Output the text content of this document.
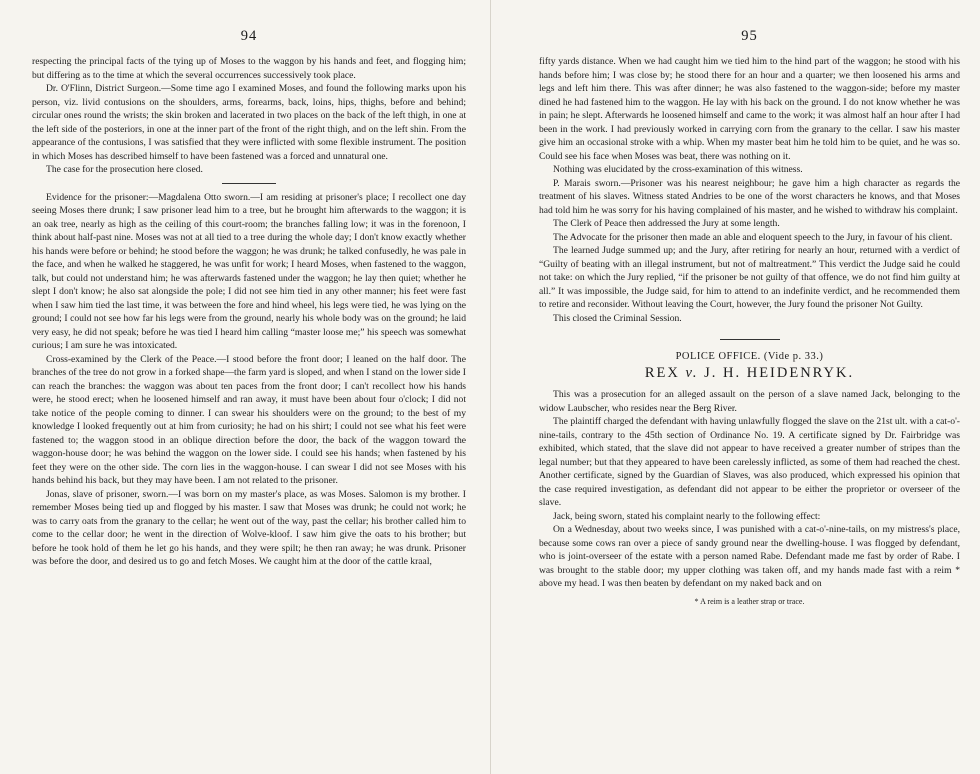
94

respecting the principal facts of the tying up of Moses to the waggon by his hands and feet, and flogging him; but differing as to the time at which the several occurrences successively took place.

Dr. O'Flinn, District Surgeon.—Some time ago I examined Moses, and found the following marks upon his person, viz. livid contusions on the shoulders, arms, forearms, back, loins, hips, thighs, before and behind; circular ones round the wrists; the skin broken and lacerated in two places on the back of the left thigh, in one at the left side of the posteriors, in one at the inner part of the front of the right thigh, and on the left shin. From the appearance of the contusions, I was satisfied that they were inflicted with some flexible instrument. The position in which Moses has described himself to have been fastened was a forced and unnatural one.

The case for the prosecution here closed.

Evidence for the prisoner:—Magdalena Otto sworn.—I am residing at prisoner's place; I recollect one day seeing Moses there drunk; I saw prisoner lead him to a tree, but he brought him afterwards to the waggon; it is an oak tree, nearly as high as the ceiling of this court-room; the branches falling low; it was in the forenoon, I think about half-past nine. Moses was not at all tied to a tree during the whole day; I don't know exactly whether his hands were before or behind; he stood before the waggon; he was drunk; he talked confusedly, he was pale in the face, and when he walked he staggered, he was unfit for work; I heard Moses, when fastened to the waggon, talk, but could not understand him; he was afterwards fastened under the waggon; he lay then quiet; whether he slept I don't know; he also sat alongside the pole; I did not see him tied in any other manner; his feet were fast when I saw him tied the last time, it was between the fore and hind wheel, his legs were tied, he was lying on the ground; I could not see how far his legs were from the ground, nearly his whole body was on the ground; he laid very easy, he did not speak; before he was tied I heard him calling “master loose me;” his speech was somewhat curious; I am sure he was intoxicated.

Cross-examined by the Clerk of the Peace.—I stood before the front door; I leaned on the half door. The branches of the tree do not grow in a forked shape—the farm yard is sloped, and when I stand on the lower side I can reach the branches: the waggon was about ten paces from the front door; I can't recollect how his hands were, he stood erect; when he loosened himself and ran away, it must have been about four o'clock; I did not take notice of the people coming to dinner. I can swear his shoulders were on the ground; to the best of my knowledge I looked frequently out at him from curiosity; he had on his shirt; I could not see what his feet were fastened to; the waggon stood in an oblique direction before the door, the back of the waggon toward the waggon-house door; he was behind the waggon on the lower side. I could see his hands; when fastened by his feet they were on the other side. The corn lies in the waggon-house. I can swear I did not see Moses with his hands behind his back, but they may have been. I am not related to the prisoner.

Jonas, slave of prisoner, sworn.—I was born on my master's place, as was Moses. Salomon is my brother. I remember Moses being tied up and flogged by his master. I saw that Moses was drunk; he could not work; he was to carry oats from the granary to the cellar; he went out of the way, past the cellar; his brother called him to come to the cellar door; he went in the direction of Wolve-kloof. I saw him give the oats to his brother; but before he took hold of them he let go his hands, and they were spilt; he then ran away; he was drunk. Prisoner was before the door, and desired us to go and fetch Moses. We caught him at the door of the cattle kraal,

95

fifty yards distance. When we had caught him we tied him to the hind part of the waggon; he stood with his hands before him; I was close by; he stood there for an hour and a quarter; we then loosened his arms and legs and left him there. This was after dinner; he was also fastened to the waggon-side; before my master dined he had fastened him to the waggon. He lay with his back on the ground. I do not know whether he was in pain; he slept. Afterwards he loosened himself and came to the work; it was almost half an hour after I had been in the work. I had previously worked in carrying corn from the granary to the cellar. I saw his master give him an occasional stroke with a whip. When my master beat him he told him to be quiet, and he was so. Could see his face when Moses was beat, there was nothing on it.

Nothing was elucidated by the cross-examination of this witness.

P. Marais sworn.—Prisoner was his nearest neighbour; he gave him a high character as regards the treatment of his slaves. Witness stated Andries to be one of the worst characters he knows, and that Moses had told him he was sorry for his having complained of his master, and he wished to withdraw his complaint.

The Clerk of Peace then addressed the Jury at some length.

The Advocate for the prisoner then made an able and eloquent speech to the Jury, in favour of his client.

The learned Judge summed up; and the Jury, after retiring for nearly an hour, returned with a verdict of “Guilty of beating with an illegal instrument, but not of maltreatment.” This verdict the Judge said he could not take: on which the Jury replied, “if the prisoner be not guilty of that offence, we do not find him guilty at all.” It was impossible, the Judge said, for him to attend to an indefinite verdict, and he recommended them to retire and reconsider. Without leaving the Court, however, the Jury found the prisoner Not Guilty.

This closed the Criminal Session.

POLICE OFFICE. (Vide p. 33.)
REX v. J. H. HEIDENRYK.

This was a prosecution for an alleged assault on the person of a slave named Jack, belonging to the widow Laubscher, who resides near the Berg River.

The plaintiff charged the defendant with having unlawfully flogged the slave on the 21st ult. with a cat-o'-nine-tails, contrary to the 45th section of Ordinance No. 19. A certificate signed by Dr. Fairbridge was exhibited, which stated, that the slave did not appear to have received a greater number of stripes than the legal number; but that they appeared to have been carelessly inflicted, as some of them had reached the chest. Another certificate, signed by the Guardian of Slaves, was also produced, which expressed his opinion that the case required investigation, as defendant did not appear to be either the proprietor or overseer of the slave.

Jack, being sworn, stated his complaint nearly to the following effect:

On a Wednesday, about two weeks since, I was punished with a cat-o'-nine-tails, on my mistress's place, because some cows ran over a piece of sandy ground near the dwelling-house. I was flogged by defendant, who is joint-overseer of the estate with a person named Rabe. Defendant made me fast by order of Rabe. I was brought to the stable door; my upper clothing was taken off, and my hands made fast with a reim * above my head. I was then beaten by defendant on my naked back and on

* A reim is a leather strap or trace.
